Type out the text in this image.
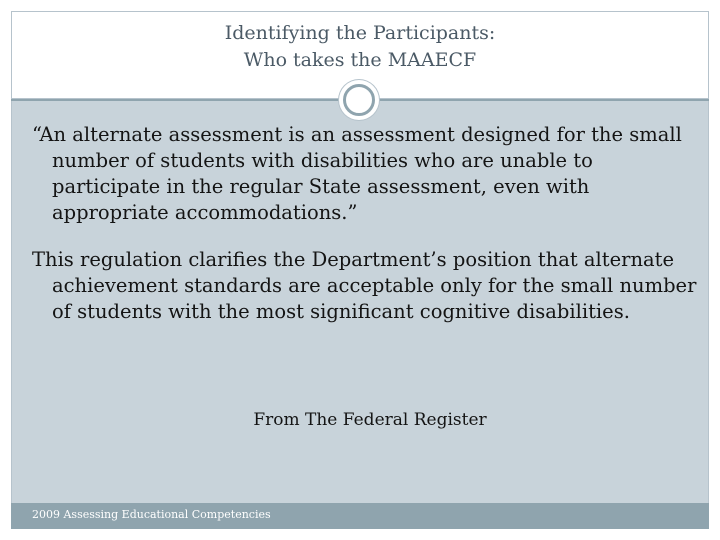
Identifying the Participants:
Who takes the MAAECF

“An alternate assessment is an assessment designed for the small number of students with disabilities who are unable to participate in the regular State assessment, even with appropriate accommodations.”

This regulation clarifies the Department’s position that alternate achievement standards are acceptable only for the small number of students with the most significant cognitive disabilities.

From The Federal Register
2009 Assessing Educational Competencies
